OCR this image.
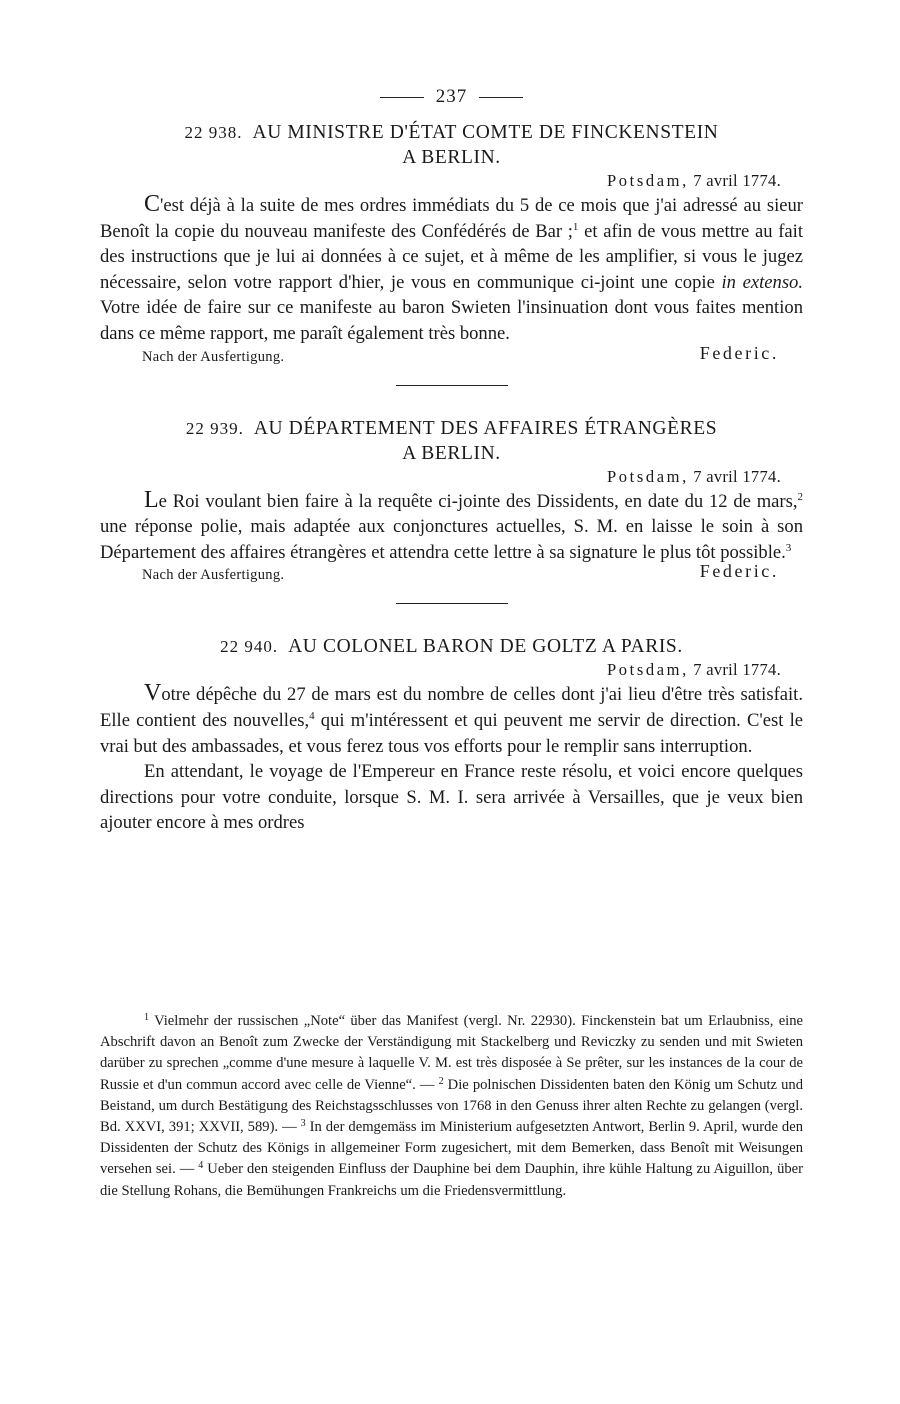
237
22 938. AU MINISTRE D'ÉTAT COMTE DE FINCKENSTEIN
A BERLIN.
Potsdam, 7 avril 1774.

C'est déjà à la suite de mes ordres immédiats du 5 de ce mois que j'ai adressé au sieur Benoît la copie du nouveau manifeste des Confédérés de Bar ;$^1$ et afin de vous mettre au fait des instructions que je lui ai données à ce sujet, et à même de les amplifier, si vous le jugez nécessaire, selon votre rapport d'hier, je vous en communique ci-joint une copie in extenso. Votre idée de faire sur ce manifeste au baron Swieten l'insinuation dont vous faites mention dans ce même rapport, me paraît également très bonne.

Nach der Ausfertigung.	Federic.
22 939. AU DÉPARTEMENT DES AFFAIRES ÉTRANGÈRES
A BERLIN.
Potsdam, 7 avril 1774.

Le Roi voulant bien faire à la requête ci-jointe des Dissidents, en date du 12 de mars,$^2$ une réponse polie, mais adaptée aux conjonctures actuelles, S. M. en laisse le soin à son Département des affaires étrangères et attendra cette lettre à sa signature le plus tôt possible.$^3$

Nach der Ausfertigung.	Federic.
22 940. AU COLONEL BARON DE GOLTZ A PARIS.
Potsdam, 7 avril 1774.

Votre dépêche du 27 de mars est du nombre de celles dont j'ai lieu d'être très satisfait. Elle contient des nouvelles,$^4$ qui m'intéressent et qui peuvent me servir de direction. C'est le vrai but des ambassades, et vous ferez tous vos efforts pour le remplir sans interruption.

En attendant, le voyage de l'Empereur en France reste résolu, et voici encore quelques directions pour votre conduite, lorsque S. M. I. sera arrivée à Versailles, que je veux bien ajouter encore à mes ordres

$^1$ Vielmehr der russischen „Note“ über das Manifest (vergl. Nr. 22930). Finckenstein bat um Erlaubniss, eine Abschrift davon an Benoît zum Zwecke der Verständigung mit Stackelberg und Reviczky zu senden und mit Swieten darüber zu sprechen „comme d'une mesure à laquelle V. M. est très disposée à Se prêter, sur les instances de la cour de Russie et d'un commun accord avec celle de Vienne“. — $^2$ Die polnischen Dissidenten baten den König um Schutz und Beistand, um durch Bestätigung des Reichstagsschlusses von 1768 in den Genuss ihrer alten Rechte zu gelangen (vergl. Bd. XXVI, 391; XXVII, 589). — $^3$ In der demgemäss im Ministerium aufgesetzten Antwort, Berlin 9. April, wurde den Dissidenten der Schutz des Königs in allgemeiner Form zugesichert, mit dem Bemerken, dass Benoît mit Weisungen versehen sei. — $^4$ Ueber den steigenden Einfluss der Dauphine bei dem Dauphin, ihre kühle Haltung zu Aiguillon, über die Stellung Rohans, die Bemühungen Frankreichs um die Friedensvermittlung.
